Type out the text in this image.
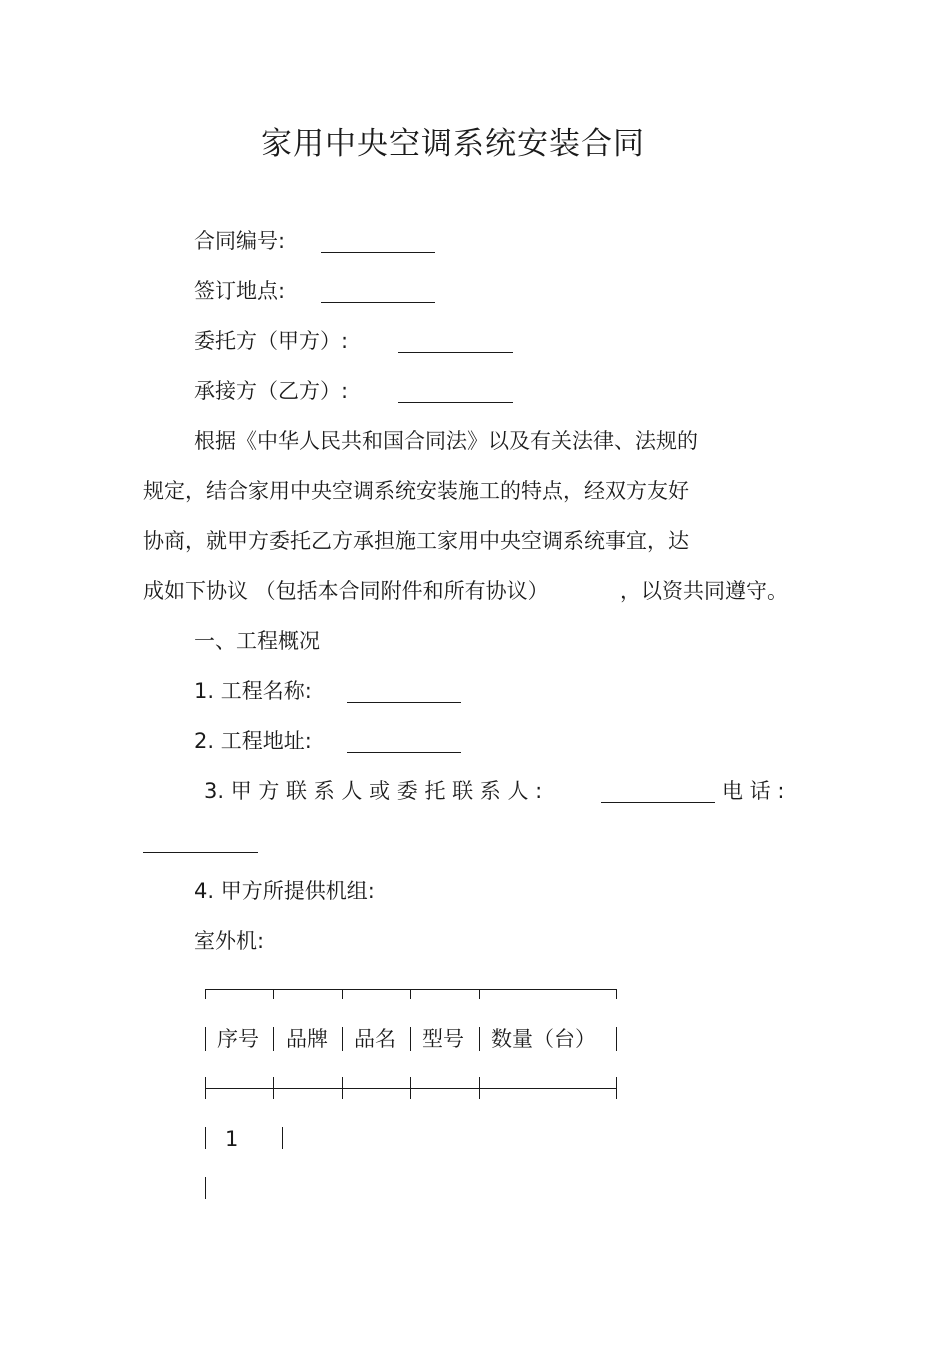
家用中央空调系统安装合同
合同编号:
签订地点:
委托方（甲方）:
承接方（乙方）:
根据《中华人民共和国合同法》以及有关法律、法规的
规定，结合家用中央空调系统安装施工的特点，经双方友好
协商，就甲方委托乙方承担施工家用中央空调系统事宜，达
成如下协议 （包括本合同附件和所有协议）	，以资共同遵守。
一、工程概况
1. 工程名称:
2. 工程地址:
3. 甲 方 联 系 人 或 委 托 联 系 人 :	电 话 :
4. 甲方所提供机组:
室外机:
序号 品牌 品名 型号 数量（台）
1
